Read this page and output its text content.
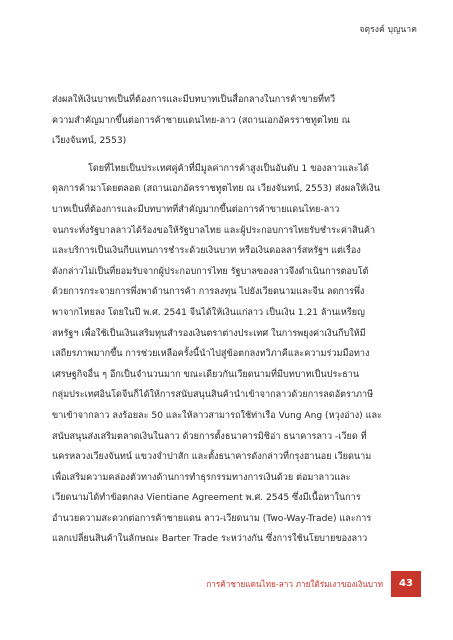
จตุรงค์ บุญนาค
ส่งผลให้เงินบาทเป็นที่ต้องการและมีบทบาทเป็นสื่อกลางในการค้าขายที่ทวี
ความสำคัญมากขึ้นต่อการค้าชายแดนไทย-ลาว (สถานเอกอัครราชทูตไทย ณ
เวียงจันทน์, 2553)
โดยที่ไทยเป็นประเทศคู่ค้าที่มีมูลค่าการค้าสูงเป็นอันดับ 1 ของลาวและได้
ดุลการค้ามาโดยตลอด (สถานเอกอัครราชทูตไทย ณ เวียงจันทน์, 2553) ส่งผลให้เงิน
บาทเป็นที่ต้องการและมีบทบาทที่สำคัญมากขึ้นต่อการค้าขายแดนไทย-ลาว
จนกระทั่งรัฐบาลลาวได้ร้องขอให้รัฐบาลไทย และผู้ประกอบการไทยรับชำระค่าสินค้า
และบริการเป็นเงินกีบแทนการชำระด้วยเงินบาท หรือเงินดอลลาร์สหรัฐฯ แต่เรื่อง
ดังกล่าวไม่เป็นที่ยอมรับจากผู้ประกอบการไทย รัฐบาลของลาวจึงดำเนินการตอบโต้
ด้วยการกระจายการพึ่งพาด้านการค้า การลงทุน ไปยังเวียดนามและจีน ลดการพึ่ง
พาจากไทยลง โดยในปี พ.ศ. 2541 จีนได้ให้เงินแก่ลาว เป็นเงิน 1.21 ล้านเหรียญ
สหรัฐฯ เพื่อใช้เป็นเงินเสริมทุนสำรองเงินตราต่างประเทศ ในการพยุงค่าเงินกีบให้มี
เสถียรภาพมากขึ้น การช่วยเหลือครั้งนี้นำไปสู่ข้อตกลงทวิภาคีและความร่วมมือทาง
เศรษฐกิจอื่น ๆ อีกเป็นจำนวนมาก ขณะเดียวกันเวียดนามที่มีบทบาทเป็นประธาน
กลุ่มประเทศอินโดจีนก็ได้ให้การสนับสนุนสินค้านำเข้าจากลาวด้วยการลดอัตราภาษี
ขาเข้าจากลาว ลงร้อยละ 50 และให้ลาวสามารถใช้ท่าเรือ Vung Ang (หวุงอ่าง) และ
สนับสนุนส่งเสริมตลาดเงินในลาว ด้วยการตั้งธนาคารมิชิอ่า ธนาคารลาว -เวียด ที่
นครหลวงเวียงจันทน์ แขวงจำปาสัก และตั้งธนาคารดังกล่าวที่กรุงฮานอย เวียดนาม
เพื่อเสริมความคล่องตัวทางด้านการทำธุรกรรมทางการเงินด้วย ต่อมาลาวและ
เวียดนามได้ทำข้อตกลง Vientiane Agreement พ.ศ. 2545 ซึ่งมีเนื้อหาในการ
อำนวยความสะดวกต่อการค้าชายแดน ลาว-เวียดนาม (Two-Way-Trade) และการ
แลกเปลี่ยนสินค้าในลักษณะ Barter Trade ระหว่างกัน ซึ่งการใช้นโยบายของลาว
การค้าชายแดนไทย-ลาว ภายใต้ร่มเงาของเงินบาท	43
